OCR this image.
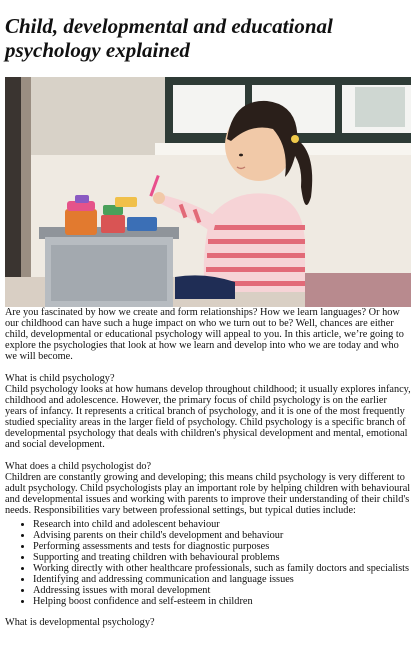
Child, developmental and educational psychology explained

Are you fascinated by how we create and form relationships? How we learn languages? Or how our childhood can have such a huge impact on who we turn out to be? Well, chances are either child, developmental or educational psychology will appeal to you. In this article, we’re going to explore the psychologies that look at how we learn and develop into who we are today and who we will become.

What is child psychology?
Child psychology looks at how humans develop throughout childhood; it usually explores infancy, childhood and adolescence. However, the primary focus of child psychology is on the earlier years of infancy. It represents a critical branch of psychology, and it is one of the most frequently studied speciality areas in the larger field of psychology. Child psychology is a specific branch of developmental psychology that deals with children's physical development and mental, emotional and social development.

What does a child psychologist do?
Children are constantly growing and developing; this means child psychology is very different to adult psychology. Child psychologists play an important role by helping children with behavioural and developmental issues and working with parents to improve their understanding of their child's needs. Responsibilities vary between professional settings, but typical duties include:
• Research into child and adolescent behaviour
• Advising parents on their child's development and behaviour
• Performing assessments and tests for diagnostic purposes
• Supporting and treating children with behavioural problems
• Working directly with other healthcare professionals, such as family doctors and specialists
• Identifying and addressing communication and language issues
• Addressing issues with moral development
• Helping boost confidence and self-esteem in children

What is developmental psychology?
